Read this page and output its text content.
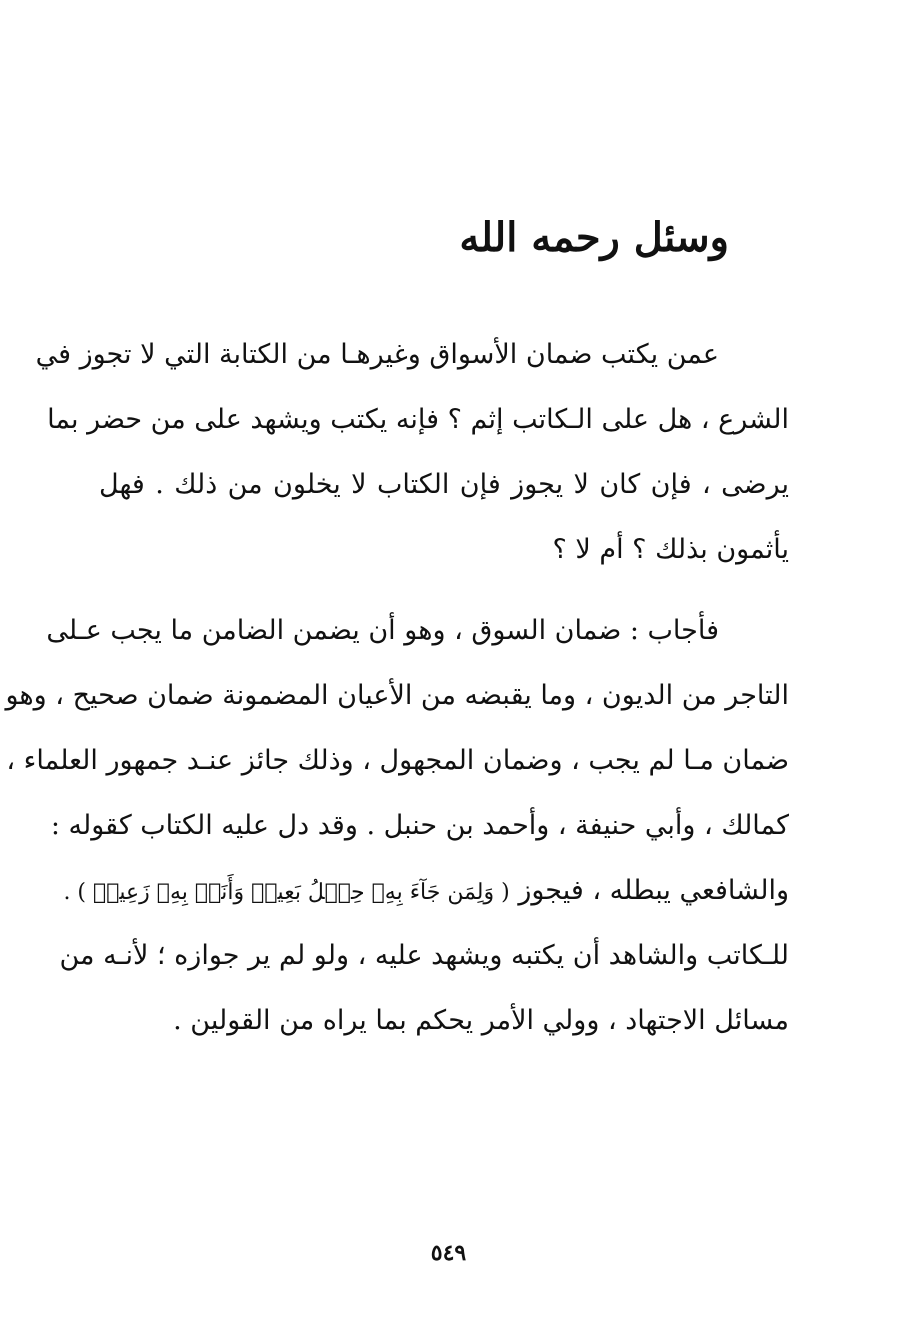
وسئل رحمه الله
عمن يكتب ضمان الأسواق وغيرهـا من الكتابة التي لا تجوز في
الشرع ، هل على الـكاتب إثم ؟ فإنه يكتب ويشهد على من حضر بما
يرضى ، فإن كان لا يجوز فإن الكتاب لا يخلون من ذلك . فهل
يأثمون بذلك ؟ أم لا ؟
فأجاب : ضمان السوق ، وهو أن يضمن الضامن ما يجب عـلى
التاجر من الديون ، وما يقبضه من الأعيان المضمونة ضمان صحيح ، وهو
ضمان مـا لم يجب ، وضمان المجهول ، وذلك جائز عنـد جمهور العلماء ،
كمالك ، وأبي حنيفة ، وأحمد بن حنبل . وقد دل عليه الكتاب كقوله :
والشافعي يبطله ، فيجوز ( وَلِمَن جَآءَ بِهِۦ حِمۡلُ بَعِيرٖ وَأَنَا۠ بِهِۦ زَعِيمٞ ) .
للـكاتب والشاهد أن يكتبه ويشهد عليه ، ولو لم ير جوازه ؛ لأنـه من
مسائل الاجتهاد ، وولي الأمر يحكم بما يراه من القولين .
٥٤٩
